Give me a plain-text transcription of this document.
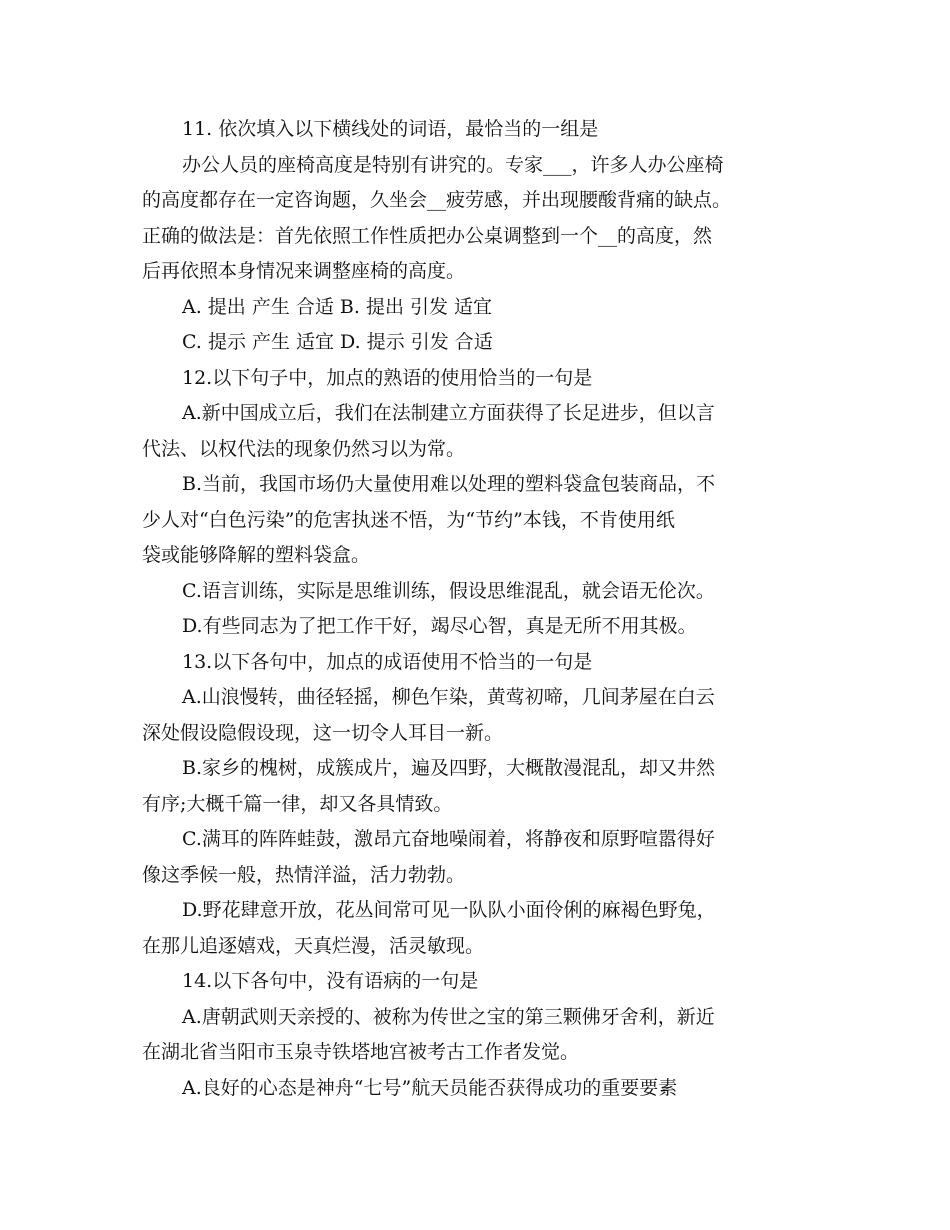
11. 依次填入以下横线处的词语，最恰当的一组是

办公人员的座椅高度是特别有讲究的。专家___，许多人办公座椅

的高度都存在一定咨询题，久坐会__疲劳感，并出现腰酸背痛的缺点。

正确的做法是：首先依照工作性质把办公桌调整到一个__的高度，然

后再依照本身情况来调整座椅的高度。

A. 提出 产生 合适 B. 提出 引发 适宜

C. 提示 产生 适宜 D. 提示 引发 合适

12.以下句子中，加点的熟语的使用恰当的一句是

A.新中国成立后，我们在法制建立方面获得了长足进步，但以言

代法、以权代法的现象仍然习以为常。

B.当前，我国市场仍大量使用难以处理的塑料袋盒包装商品，不

少人对“白色污染”的危害执迷不悟，为“节约”本钱，不肯使用纸

袋或能够降解的塑料袋盒。

C.语言训练，实际是思维训练，假设思维混乱，就会语无伦次。

D.有些同志为了把工作干好，竭尽心智，真是无所不用其极。

13.以下各句中，加点的成语使用不恰当的一句是

A.山浪慢转，曲径轻摇，柳色乍染，黄莺初啼，几间茅屋在白云

深处假设隐假设现，这一切令人耳目一新。

B.家乡的槐树，成簇成片，遍及四野，大概散漫混乱，却又井然

有序;大概千篇一律，却又各具情致。

C.满耳的阵阵蛙鼓，激昂亢奋地噪闹着，将静夜和原野喧嚣得好

像这季候一般，热情洋溢，活力勃勃。

D.野花肆意开放，花丛间常可见一队队小面伶俐的麻褐色野兔，

在那儿追逐嬉戏，天真烂漫，活灵敏现。

14.以下各句中，没有语病的一句是

A.唐朝武则天亲授的、被称为传世之宝的第三颗佛牙舍利，新近

在湖北省当阳市玉泉寺铁塔地宫被考古工作者发觉。

A.良好的心态是神舟“七号”航天员能否获得成功的重要要素
